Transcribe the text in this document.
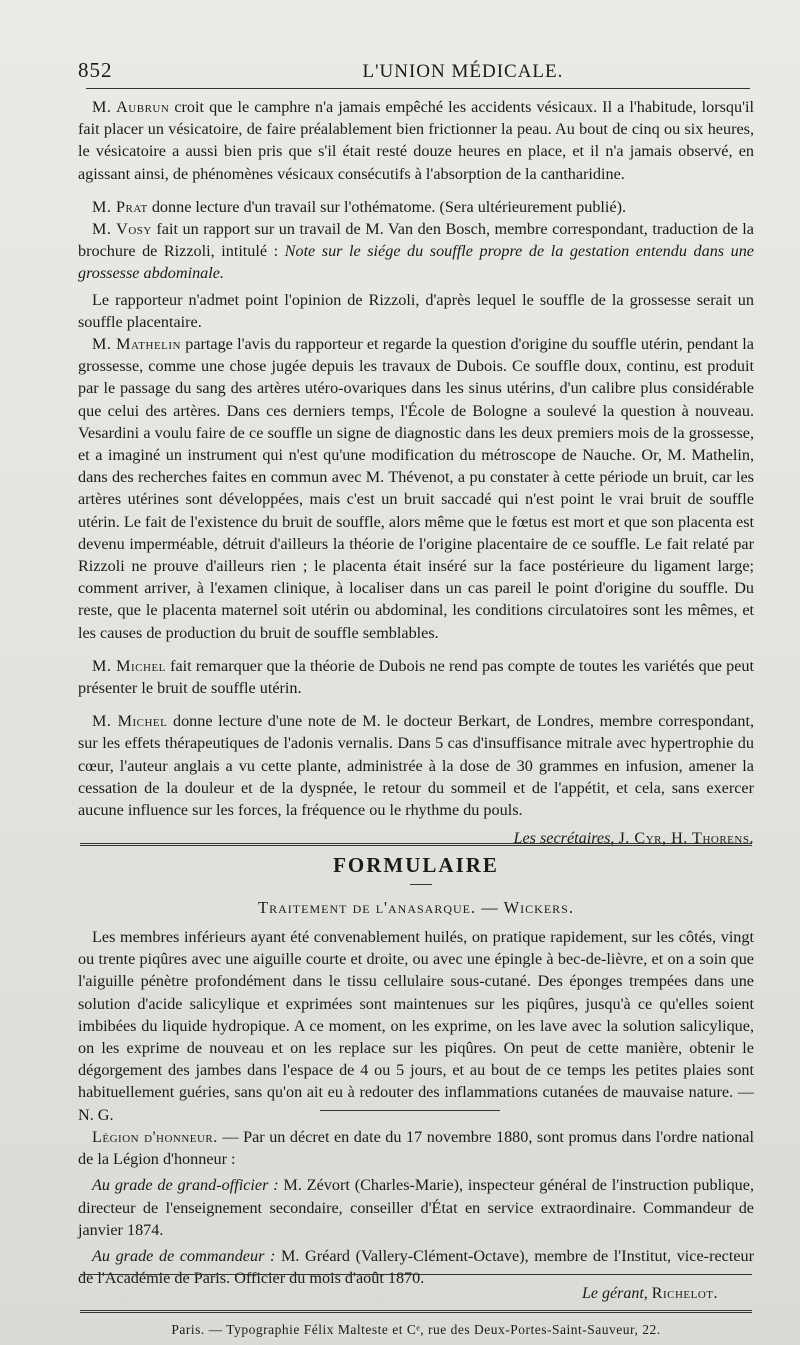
852	L'UNION MÉDICALE.

M. Aubrun croit que le camphre n'a jamais empêché les accidents vésicaux. Il a l'habitude, lorsqu'il fait placer un vésicatoire, de faire préalablement bien frictionner la peau. Au bout de cinq ou six heures, le vésicatoire a aussi bien pris que s'il était resté douze heures en place, et il n'a jamais observé, en agissant ainsi, de phénomènes vésicaux consécutifs à l'absorption de la cantharidine.

M. Prat donne lecture d'un travail sur l'othématome. (Sera ultérieurement publié).

M. Vosy fait un rapport sur un travail de M. Van den Bosch, membre correspondant, traduction de la brochure de Rizzoli, intitulé : Note sur le siége du souffle propre de la gestation entendu dans une grossesse abdominale.

Le rapporteur n'admet point l'opinion de Rizzoli, d'après lequel le souffle de la grossesse serait un souffle placentaire.

M. Mathelin partage l'avis du rapporteur et regarde la question d'origine du souffle utérin, pendant la grossesse, comme une chose jugée depuis les travaux de Dubois. Ce souffle doux, continu, est produit par le passage du sang des artères utéro-ovariques dans les sinus utérins, d'un calibre plus considérable que celui des artères. Dans ces derniers temps, l'École de Bologne a soulevé la question à nouveau. Vesardini a voulu faire de ce souffle un signe de diagnostic dans les deux premiers mois de la grossesse, et a imaginé un instrument qui n'est qu'une modification du métroscope de Nauche. Or, M. Mathelin, dans des recherches faites en commun avec M. Thévenot, a pu constater à cette période un bruit, car les artères utérines sont développées, mais c'est un bruit saccadé qui n'est point le vrai bruit de souffle utérin. Le fait de l'existence du bruit de souffle, alors même que le fœtus est mort et que son placenta est devenu imperméable, détruit d'ailleurs la théorie de l'origine placentaire de ce souffle. Le fait relaté par Rizzoli ne prouve d'ailleurs rien ; le placenta était inséré sur la face postérieure du ligament large; comment arriver, à l'examen clinique, à localiser dans un cas pareil le point d'origine du souffle. Du reste, que le placenta maternel soit utérin ou abdominal, les conditions circulatoires sont les mêmes, et les causes de production du bruit de souffle semblables.

M. Michel fait remarquer que la théorie de Dubois ne rend pas compte de toutes les variétés que peut présenter le bruit de souffle utérin.

M. Michel donne lecture d'une note de M. le docteur Berkart, de Londres, membre correspondant, sur les effets thérapeutiques de l'adonis vernalis. Dans 5 cas d'insuffisance mitrale avec hypertrophie du cœur, l'auteur anglais a vu cette plante, administrée à la dose de 30 grammes en infusion, amener la cessation de la douleur et de la dyspnée, le retour du sommeil et de l'appétit, et cela, sans exercer aucune influence sur les forces, la fréquence ou le rhythme du pouls.

Les secrétaires, J. Cyr, H. Thorens.

FORMULAIRE
Traitement de l'anasarque. — Wickers.

Les membres inférieurs ayant été convenablement huilés, on pratique rapidement, sur les côtés, vingt ou trente piqûres avec une aiguille courte et droite, ou avec une épingle à bec-de-lièvre, et on a soin que l'aiguille pénètre profondément dans le tissu cellulaire sous-cutané. Des éponges trempées dans une solution d'acide salicylique et exprimées sont maintenues sur les piqûres, jusqu'à ce qu'elles soient imbibées du liquide hydropique. A ce moment, on les exprime, on les lave avec la solution salicylique, on les exprime de nouveau et on les replace sur les piqûres. On peut de cette manière, obtenir le dégorgement des jambes dans l'espace de 4 ou 5 jours, et au bout de ce temps les petites plaies sont habituellement guéries, sans qu'on ait eu à redouter des inflammations cutanées de mauvaise nature. — N. G.

Légion d'honneur. — Par un décret en date du 17 novembre 1880, sont promus dans l'ordre national de la Légion d'honneur :

Au grade de grand-officier : M. Zévort (Charles-Marie), inspecteur général de l'instruction publique, directeur de l'enseignement secondaire, conseiller d'État en service extraordinaire. Commandeur de janvier 1874.

Au grade de commandeur : M. Gréard (Vallery-Clément-Octave), membre de l'Institut, vice-recteur de l'Académie de Paris. Officier du mois d'août 1870.

Le gérant, Richelot.
Paris. — Typographie Félix Malteste et Cᵉ, rue des Deux-Portes-Saint-Sauveur, 22.
